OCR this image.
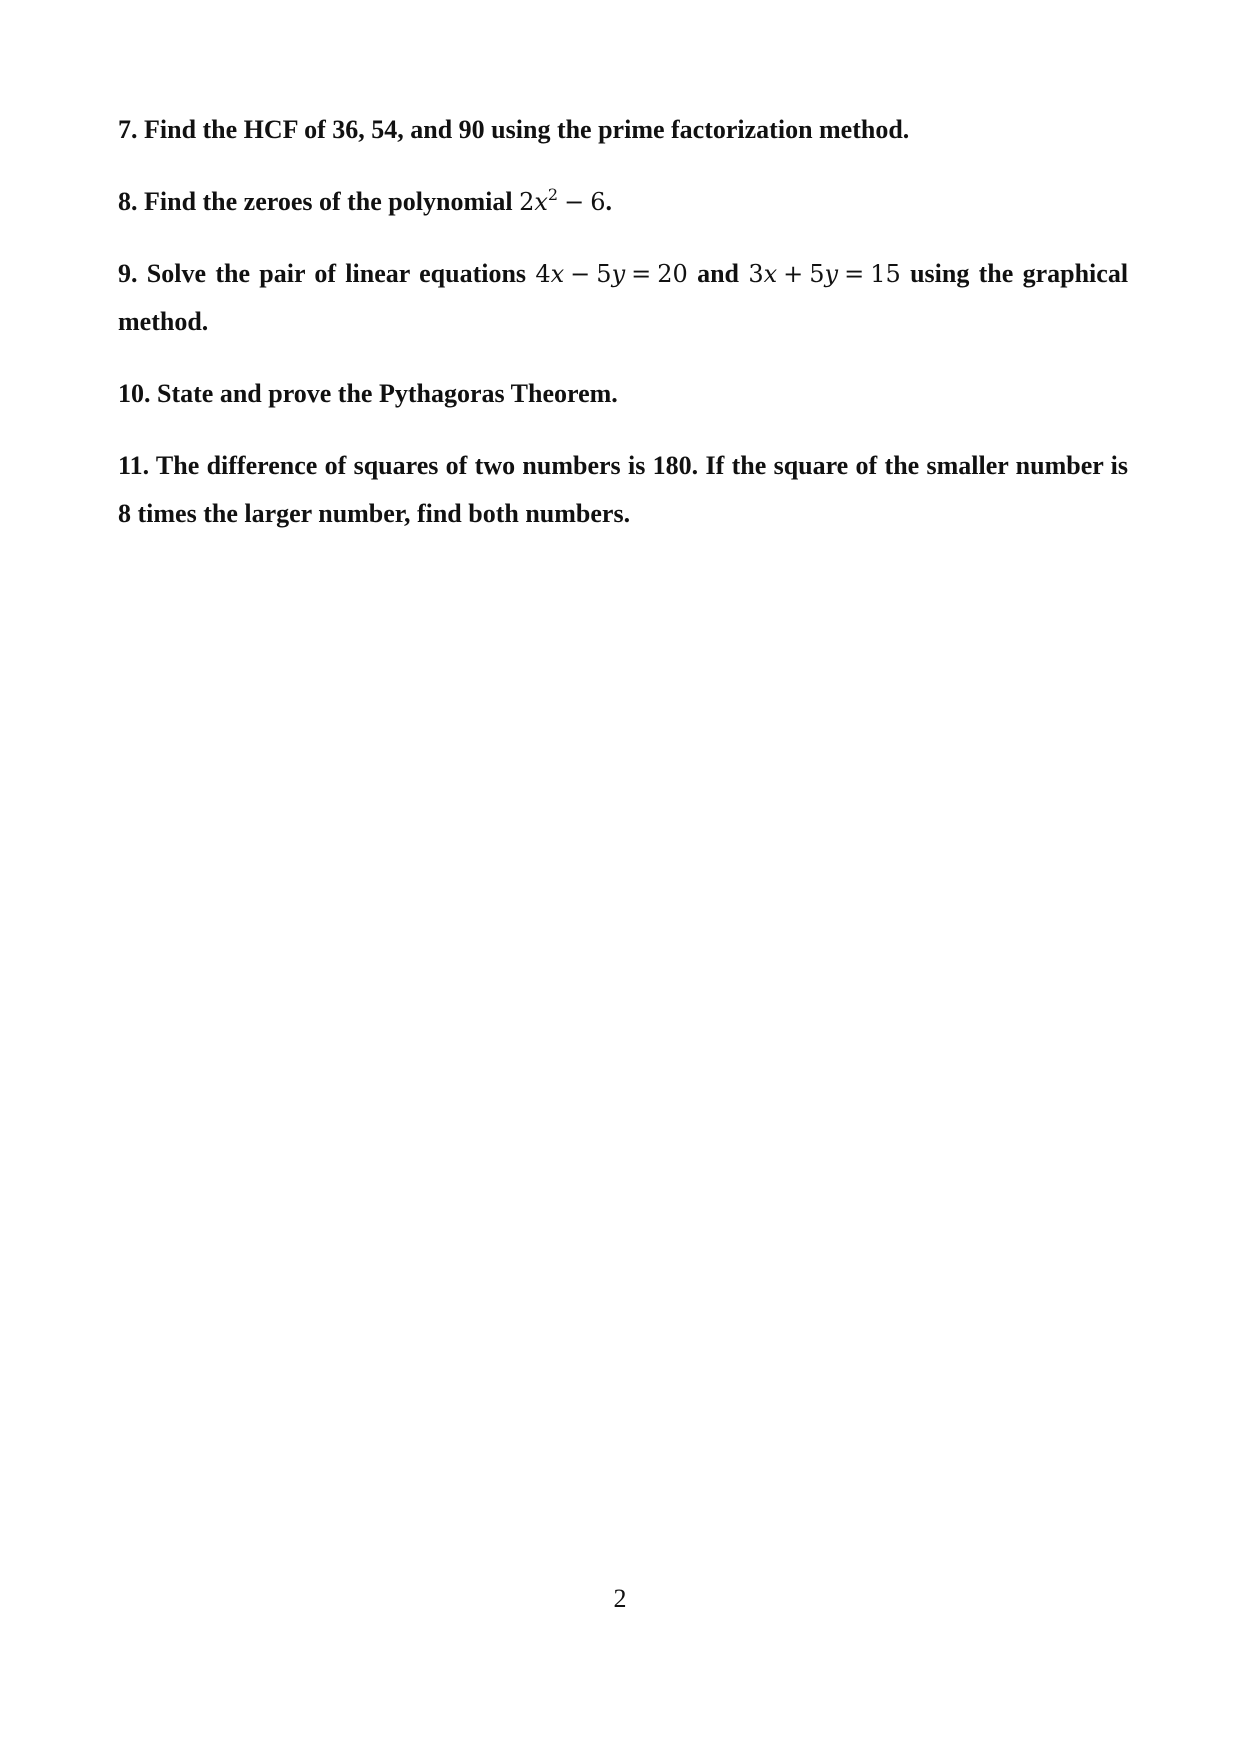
7. Find the HCF of 36, 54, and 90 using the prime factorization method.
8. Find the zeroes of the polynomial $2x^2 - 6$.
9. Solve the pair of linear equations 4x − 5y = 20 and 3x + 5y = 15 using the graphical method.
10. State and prove the Pythagoras Theorem.
11. The difference of squares of two numbers is 180. If the square of the smaller number is 8 times the larger number, find both numbers.
2
